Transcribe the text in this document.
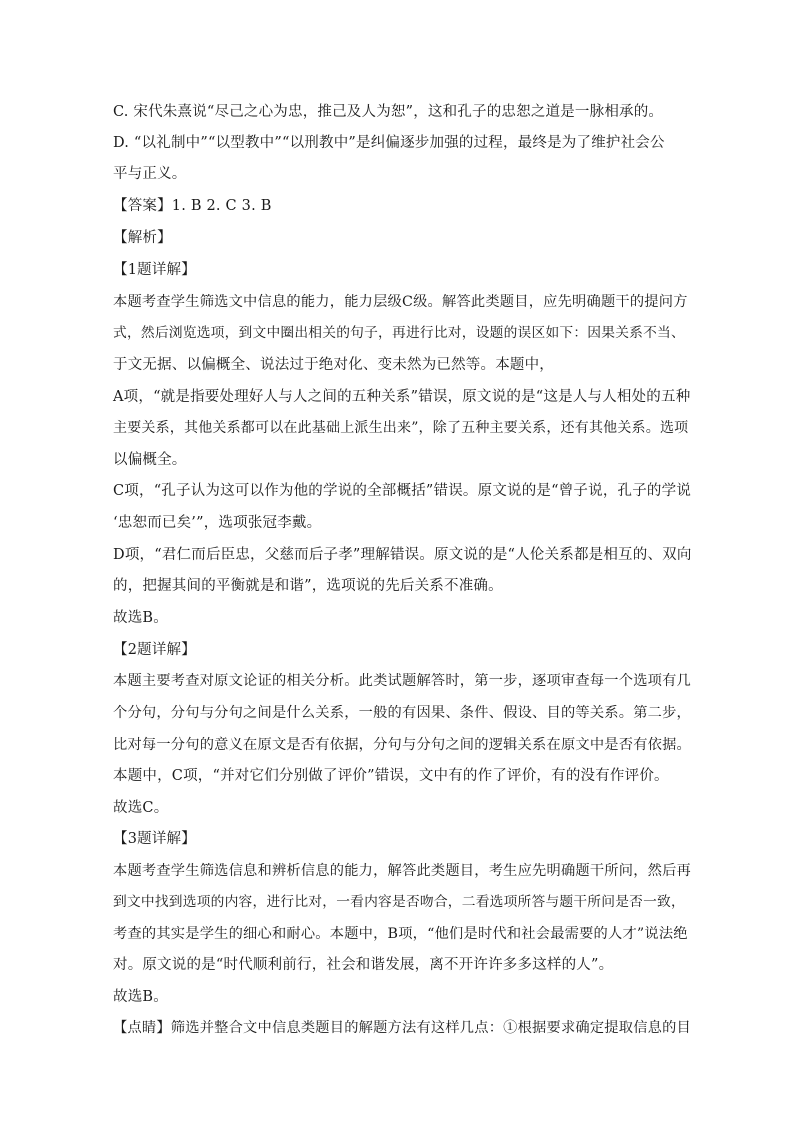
C. 宋代朱熹说“尽己之心为忠，推己及人为恕”，这和孔子的忠恕之道是一脉相承的。
D. “以礼制中”“以型教中”“以刑教中”是纠偏逐步加强的过程，最终是为了维护社会公
平与正义。
【答案】1. B 2. C 3. B
【解析】
【1题详解】
本题考查学生筛选文中信息的能力，能力层级C级。解答此类题目，应先明确题干的提问方
式，然后浏览选项，到文中圈出相关的句子，再进行比对，设题的误区如下：因果关系不当、
于文无据、以偏概全、说法过于绝对化、变未然为已然等。本题中，
A项，“就是指要处理好人与人之间的五种关系”错误，原文说的是“这是人与人相处的五种
主要关系，其他关系都可以在此基础上派生出来”，除了五种主要关系，还有其他关系。选项
以偏概全。
C项，“孔子认为这可以作为他的学说的全部概括”错误。原文说的是“曾子说，孔子的学说
‘忠恕而已矣’”，选项张冠李戴。
D项，“君仁而后臣忠，父慈而后子孝”理解错误。原文说的是“人伦关系都是相互的、双向
的，把握其间的平衡就是和谐”，选项说的先后关系不准确。
故选B。
【2题详解】
本题主要考查对原文论证的相关分析。此类试题解答时，第一步，逐项审查每一个选项有几
个分句，分句与分句之间是什么关系，一般的有因果、条件、假设、目的等关系。第二步，
比对每一分句的意义在原文是否有依据，分句与分句之间的逻辑关系在原文中是否有依据。
本题中，C项，“并对它们分别做了评价”错误，文中有的作了评价，有的没有作评价。
故选C。
【3题详解】
本题考查学生筛选信息和辨析信息的能力，解答此类题目，考生应先明确题干所问，然后再
到文中找到选项的内容，进行比对，一看内容是否吻合，二看选项所答与题干所问是否一致，
考查的其实是学生的细心和耐心。本题中，B项，“他们是时代和社会最需要的人才”说法绝
对。原文说的是“时代顺利前行，社会和谐发展，离不开许许多多这样的人”。
故选B。
【点睛】筛选并整合文中信息类题目的解题方法有这样几点：①根据要求确定提取信息的目
